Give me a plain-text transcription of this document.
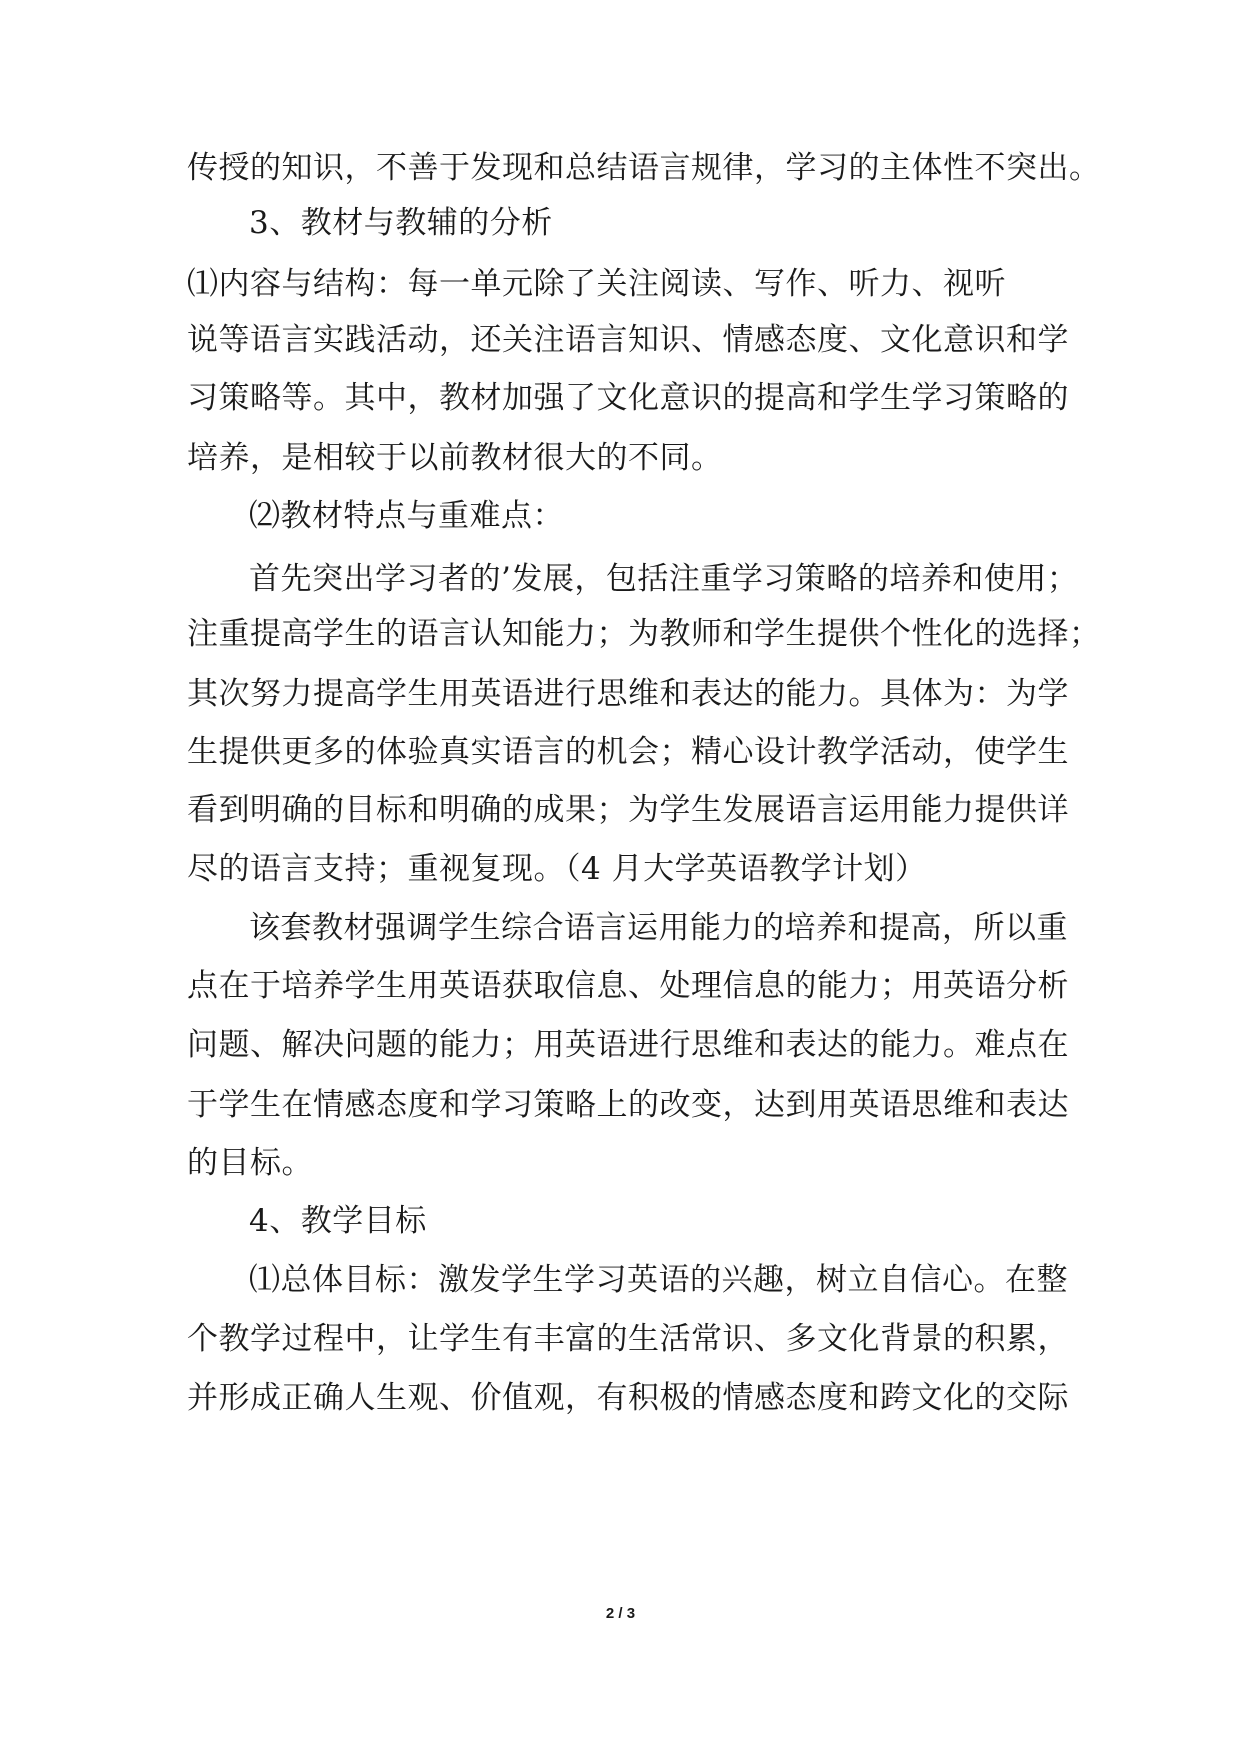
传授的知识，不善于发现和总结语言规律，学习的主体性不突出。
3、教材与教辅的分析
⑴内容与结构：每一单元除了关注阅读、写作、听力、视听
说等语言实践活动，还关注语言知识、情感态度、文化意识和学
习策略等。其中，教材加强了文化意识的提高和学生学习策略的
培养，是相较于以前教材很大的不同。
⑵教材特点与重难点：
首先突出学习者的’发展，包括注重学习策略的培养和使用；
注重提高学生的语言认知能力；为教师和学生提供个性化的选择；
其次努力提高学生用英语进行思维和表达的能力。具体为：为学
生提供更多的体验真实语言的机会；精心设计教学活动，使学生
看到明确的目标和明确的成果；为学生发展语言运用能力提供详
尽的语言支持；重视复现。（4 月大学英语教学计划）
该套教材强调学生综合语言运用能力的培养和提高，所以重
点在于培养学生用英语获取信息、处理信息的能力；用英语分析
问题、解决问题的能力；用英语进行思维和表达的能力。难点在
于学生在情感态度和学习策略上的改变，达到用英语思维和表达
的目标。
4、教学目标
⑴总体目标：激发学生学习英语的兴趣，树立自信心。在整
个教学过程中，让学生有丰富的生活常识、多文化背景的积累，
并形成正确人生观、价值观，有积极的情感态度和跨文化的交际
2 / 3
